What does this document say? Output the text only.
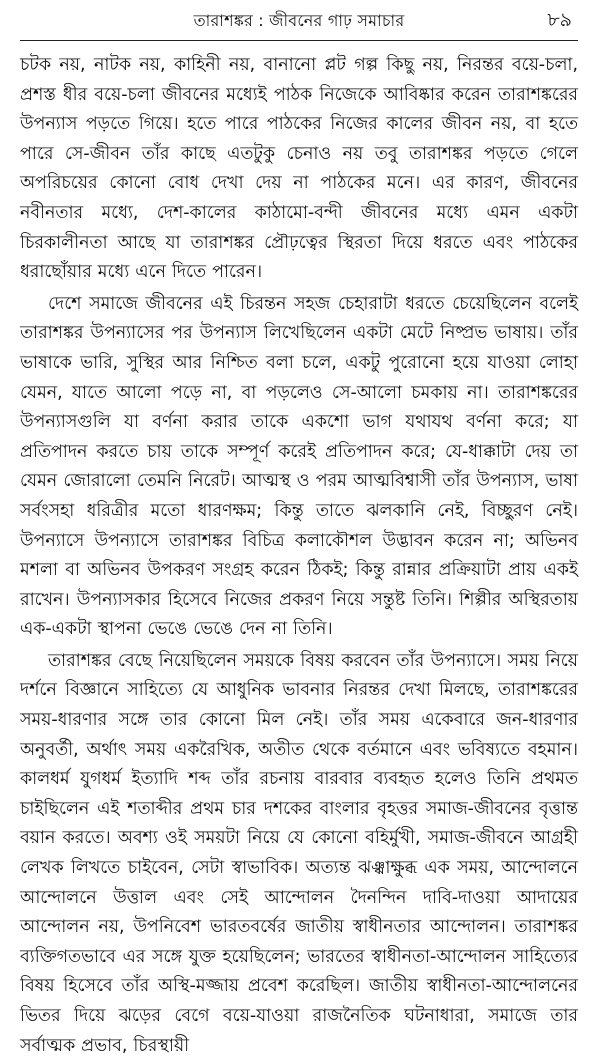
তারাশঙ্কর : জীবনের গাঢ় সমাচার	৮৯

চটক নয়, নাটক নয়, কাহিনী নয়, বানানো প্লট গল্প কিছু নয়, নিরন্তর বয়ে-চলা, প্রশস্ত ধীর বয়ে-চলা জীবনের মধ্যেই পাঠক নিজেকে আবিষ্কার করেন তারাশঙ্করের উপন্যাস পড়তে গিয়ে। হতে পারে পাঠকের নিজের কালের জীবন নয়, বা হতে পারে সে-জীবন তাঁর কাছে এতটুকু চেনাও নয় তবু তারাশঙ্কর পড়তে গেলে অপরিচয়ের কোনো বোধ দেখা দেয় না পাঠকের মনে। এর কারণ, জীবনের নবীনতার মধ্যে, দেশ-কালের কাঠামো-বন্দী জীবনের মধ্যে এমন একটা চিরকালীনতা আছে যা তারাশঙ্কর প্রৌঢ়ত্বের স্থিরতা দিয়ে ধরতে এবং পাঠকের ধরাছোঁয়ার মধ্যে এনে দিতে পারেন।

দেশে সমাজে জীবনের এই চিরন্তন সহজ চেহারাটা ধরতে চেয়েছিলেন বলেই তারাশঙ্কর উপন্যাসের পর উপন্যাস লিখেছিলেন একটা মেটে নিষ্প্রভ ভাষায়। তাঁর ভাষাকে ভারি, সুস্থির আর নিশ্চিত বলা চলে, একটু পুরোনো হয়ে যাওয়া লোহা যেমন, যাতে আলো পড়ে না, বা পড়লেও সে-আলো চমকায় না। তারাশঙ্করের উপন্যাসগুলি যা বর্ণনা করার তাকে একশো ভাগ যথাযথ বর্ণনা করে; যা প্রতিপাদন করতে চায় তাকে সম্পূর্ণ করেই প্রতিপাদন করে; যে-ধাক্কাটা দেয় তা যেমন জোরালো তেমনি নিরেট। আত্মস্থ ও পরম আত্মবিশ্বাসী তাঁর উপন্যাস, ভাষা সর্বংসহা ধরিত্রীর মতো ধারণক্ষম; কিন্তু তাতে ঝলকানি নেই, বিচ্ছুরণ নেই। উপন্যাসে উপন্যাসে তারাশঙ্কর বিচিত্র কলাকৌশল উদ্ভাবন করেন না; অভিনব মশলা বা অভিনব উপকরণ সংগ্রহ করেন ঠিকই; কিন্তু রান্নার প্রক্রিয়াটা প্রায় একই রাখেন। উপন্যাসকার হিসেবে নিজের প্রকরণ নিয়ে সন্তুষ্ট তিনি। শিল্পীর অস্থিরতায় এক-একটা স্থাপনা ভেঙে ভেঙে দেন না তিনি।

তারাশঙ্কর বেছে নিয়েছিলেন সময়কে বিষয় করবেন তাঁর উপন্যাসে। সময় নিয়ে দর্শনে বিজ্ঞানে সাহিত্যে যে আধুনিক ভাবনার নিরন্তর দেখা মিলছে, তারাশঙ্করের সময়-ধারণার সঙ্গে তার কোনো মিল নেই। তাঁর সময় একেবারে জন-ধারণার অনুবর্তী, অর্থাৎ সময় একরৈখিক, অতীত থেকে বর্তমানে এবং ভবিষ্যতে বহমান। কালধর্ম যুগধর্ম ইত্যাদি শব্দ তাঁর রচনায় বারবার ব্যবহৃত হলেও তিনি প্রথমত চাইছিলেন এই শতাব্দীর প্রথম চার দশকের বাংলার বৃহত্তর সমাজ-জীবনের বৃত্তান্ত বয়ান করতে। অবশ্য ওই সময়টা নিয়ে যে কোনো বহির্মুখী, সমাজ-জীবনে আগ্রহী লেখক লিখতে চাইবেন, সেটা স্বাভাবিক। অত্যন্ত ঝঞ্ঝাক্ষুব্ধ এক সময়, আন্দোলনে আন্দোলনে উত্তাল এবং সেই আন্দোলন দৈনন্দিন দাবি-দাওয়া আদায়ের আন্দোলন নয়, উপনিবেশ ভারতবর্ষের জাতীয় স্বাধীনতার আন্দোলন। তারাশঙ্কর ব্যক্তিগতভাবে এর সঙ্গে যুক্ত হয়েছিলেন; ভারতের স্বাধীনতা-আন্দোলন সাহিত্যের বিষয় হিসেবে তাঁর অস্থি-মজ্জায় প্রবেশ করেছিল। জাতীয় স্বাধীনতা-আন্দোলনের ভিতর দিয়ে ঝড়ের বেগে বয়ে-যাওয়া রাজনৈতিক ঘটনাধারা, সমাজে তার সর্বাত্মক প্রভাব, চিরস্থায়ী
